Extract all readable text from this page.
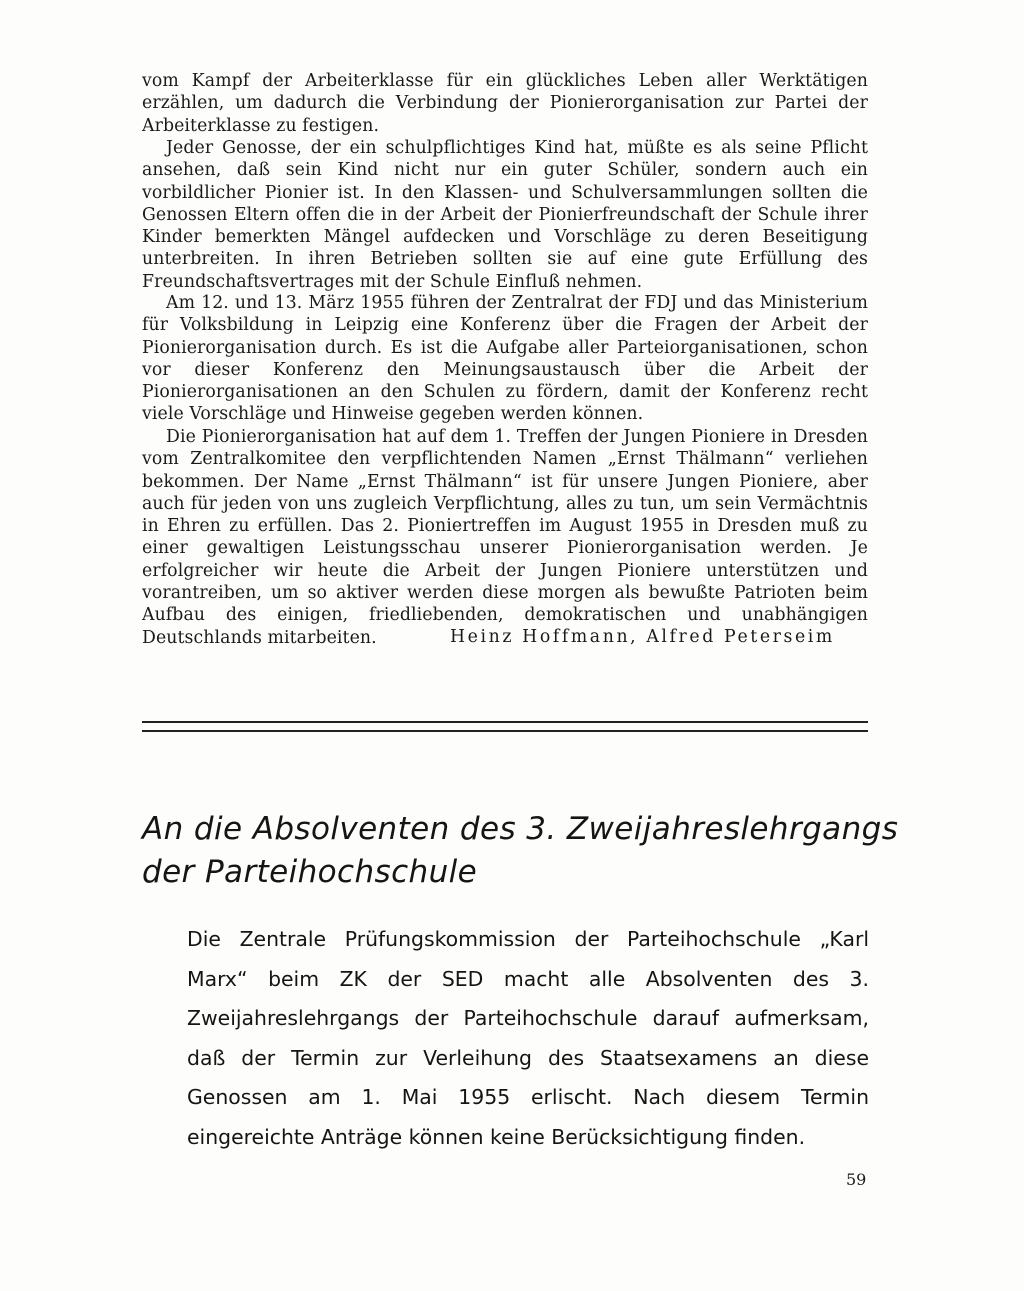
vom Kampf der Arbeiterklasse für ein glückliches Leben aller Werktätigen erzählen, um dadurch die Verbindung der Pionierorganisation zur Partei der Arbeiterklasse zu festigen.

Jeder Genosse, der ein schulpflichtiges Kind hat, müßte es als seine Pflicht ansehen, daß sein Kind nicht nur ein guter Schüler, sondern auch ein vorbildlicher Pionier ist. In den Klassen- und Schulversammlungen sollten die Genossen Eltern offen die in der Arbeit der Pionierfreundschaft der Schule ihrer Kinder bemerkten Mängel aufdecken und Vorschläge zu deren Beseitigung unterbreiten. In ihren Betrieben sollten sie auf eine gute Erfüllung des Freundschaftsvertrages mit der Schule Einfluß nehmen.

Am 12. und 13. März 1955 führen der Zentralrat der FDJ und das Ministerium für Volksbildung in Leipzig eine Konferenz über die Fragen der Arbeit der Pionierorganisation durch. Es ist die Aufgabe aller Parteiorganisationen, schon vor dieser Konferenz den Meinungsaustausch über die Arbeit der Pionierorganisationen an den Schulen zu fördern, damit der Konferenz recht viele Vorschläge und Hinweise gegeben werden können.

Die Pionierorganisation hat auf dem 1. Treffen der Jungen Pioniere in Dresden vom Zentralkomitee den verpflichtenden Namen „Ernst Thälmann“ verliehen bekommen. Der Name „Ernst Thälmann“ ist für unsere Jungen Pioniere, aber auch für jeden von uns zugleich Verpflichtung, alles zu tun, um sein Vermächtnis in Ehren zu erfüllen. Das 2. Pioniertreffen im August 1955 in Dresden muß zu einer gewaltigen Leistungsschau unserer Pionierorganisation werden. Je erfolgreicher wir heute die Arbeit der Jungen Pioniere unterstützen und vorantreiben, um so aktiver werden diese morgen als bewußte Patrioten beim Aufbau des einigen, friedliebenden, demokratischen und unabhängigen Deutschlands mitarbeiten.	Heinz Hoffmann, Alfred Peterseim
An die Absolventen des 3. Zweijahreslehrgangs
der Parteihochschule

Die Zentrale Prüfungskommission der Parteihochschule „Karl Marx“ beim ZK der SED macht alle Absolventen des 3. Zweijahreslehrgangs der Parteihochschule darauf aufmerksam, daß der Termin zur Verleihung des Staatsexamens an diese Genossen am 1. Mai 1955 erlischt. Nach diesem Termin eingereichte Anträge können keine Berücksichtigung finden.

59
